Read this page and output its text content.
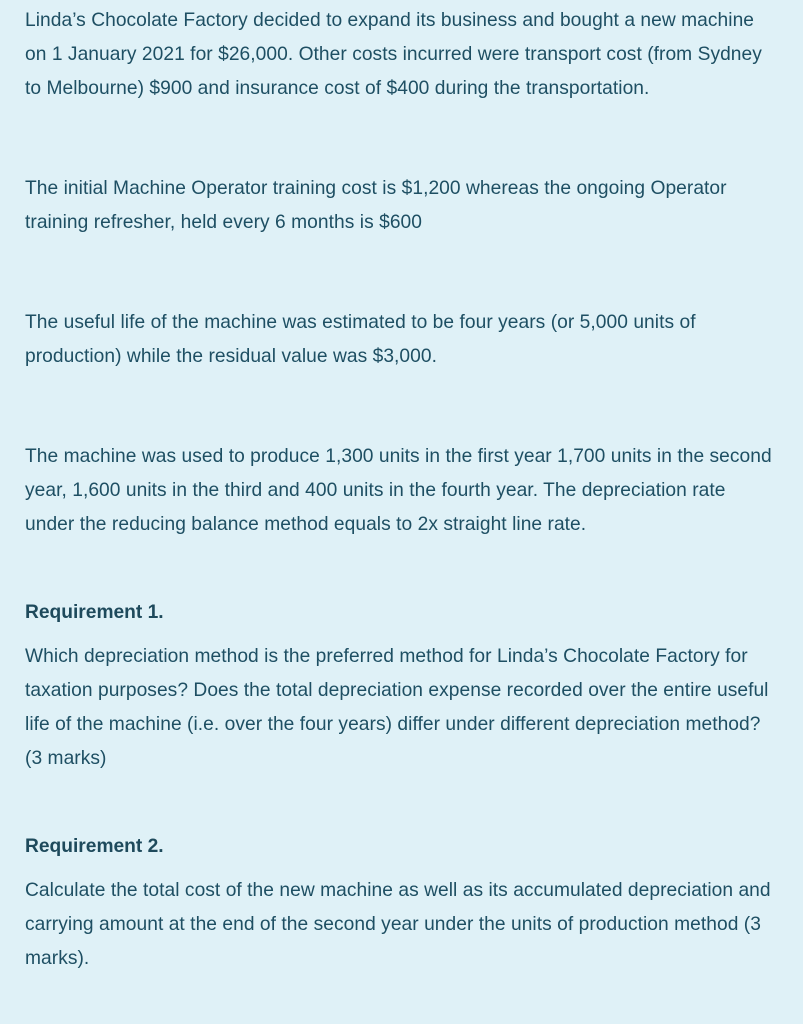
Linda’s Chocolate Factory decided to expand its business and bought a new machine on 1 January 2021 for $26,000. Other costs incurred were transport cost (from Sydney to Melbourne) $900 and insurance cost of $400 during the transportation.

The initial Machine Operator training cost is $1,200 whereas the ongoing Operator training refresher, held every 6 months is $600

The useful life of the machine was estimated to be four years (or 5,000 units of production) while the residual value was $3,000.

The machine was used to produce 1,300 units in the first year 1,700 units in the second year, 1,600 units in the third and 400 units in the fourth year. The depreciation rate under the reducing balance method equals to 2x straight line rate.

Requirement 1.

Which depreciation method is the preferred method for Linda’s Chocolate Factory for taxation purposes? Does the total depreciation expense recorded over the entire useful life of the machine (i.e. over the four years) differ under different depreciation method? (3 marks)

Requirement 2.

Calculate the total cost of the new machine as well as its accumulated depreciation and carrying amount at the end of the second year under the units of production method (3 marks).
